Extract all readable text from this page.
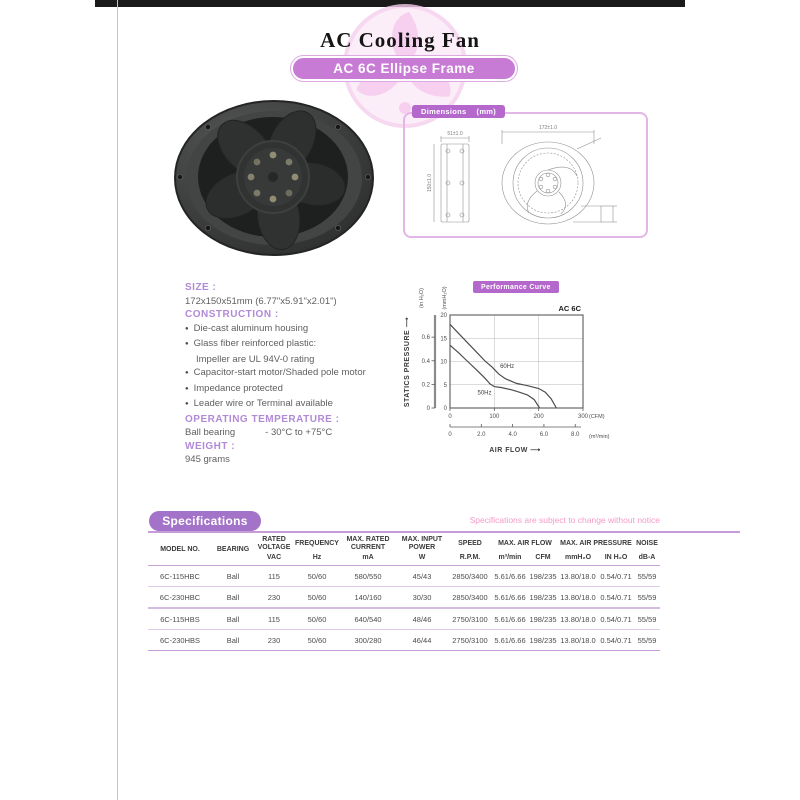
AC Cooling Fan
AC 6C Ellipse Frame
51±1.0
150±1.0
172±1.0
Dimensions (mm)
SIZE :
172x150x51mm (6.77"x5.91"x2.01")
CONSTRUCTION :
●
Die-cast aluminum housing
●
Glass fiber reinforced plastic:
Impeller are UL 94V-0 rating
●
Capacitor-start motor/Shaded pole motor
●
Impedance protected
●
Leader wire or Terminal available
OPERATING TEMPERATURE :
Ball bearing	- 30°C to +75°C
WEIGHT :
945 grams
AC 6C
(in H₂O)	(mmH₂O)
STATICS PRESSURE ⟶
(CFM)
(m³/min)
AIR FLOW ⟶
0	100	200	300
0
5
10
15
20
0
0.2
0.4
0.6
0	2.0	4.0	6.0	8.0
60Hz
50Hz
Performance Curve
Specifications	Specifications are subject to change without notice
MODEL NO.	BEARING	RATED VOLTAGE	FREQUENCY	MAX. RATED CURRENT	MAX. INPUT POWER	SPEED	MAX. AIR FLOW		MAX. AIR PRESSURE		NOISE
		VAC	Hz	mA	W	R.P.M.	m³/min	CFM	mmH₂O	IN H₂O	dB-A
6C-115HBC	Ball	115	50/60	580/550	45/43	2850/3400	5.61/6.66	198/235	13.80/18.0	0.54/0.71	55/59
6C-230HBC	Ball	230	50/60	140/160	30/30	2850/3400	5.61/6.66	198/235	13.80/18.0	0.54/0.71	55/59
6C-115HBS	Ball	115	50/60	640/540	48/46	2750/3100	5.61/6.66	198/235	13.80/18.0	0.54/0.71	55/59
6C-230HBS	Ball	230	50/60	300/280	46/44	2750/3100	5.61/6.66	198/235	13.80/18.0	0.54/0.71	55/59
